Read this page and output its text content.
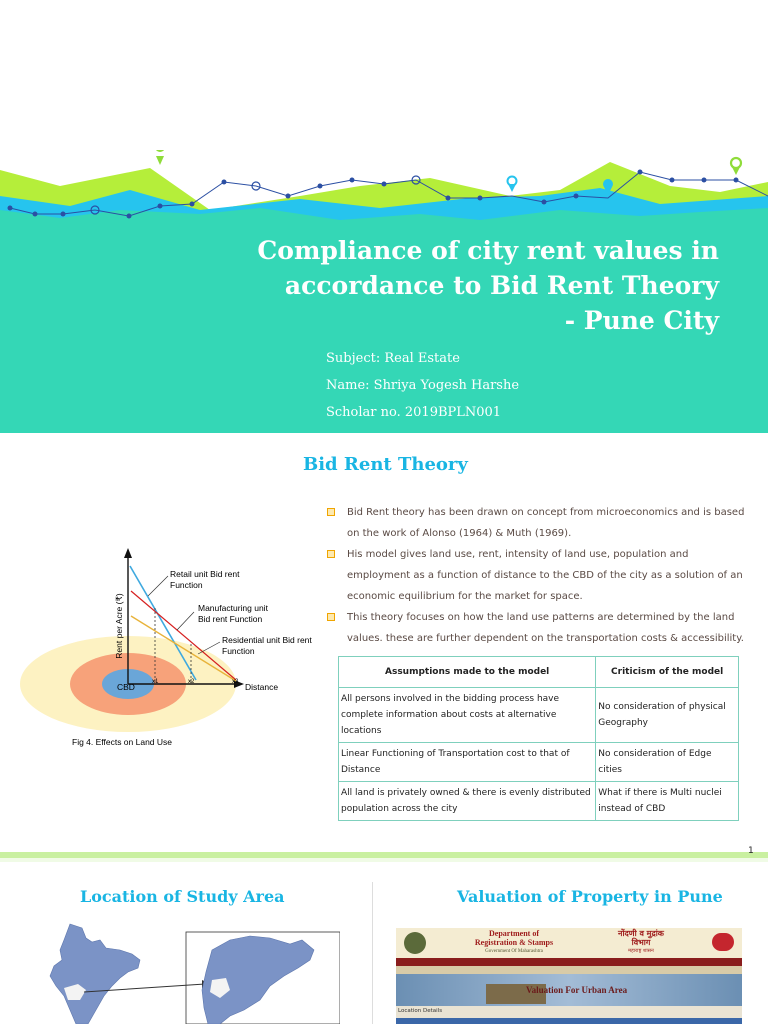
Compliance of city rent values in
accordance to Bid Rent Theory
- Pune City
Subject: Real Estate
Name: Shriya Yogesh Harshe
Scholar no. 2019BPLN001
Bid Rent Theory
Bid Rent theory has been drawn on concept from microeconomics and is based on the work of Alonso (1964) & Muth (1969).
His model gives land use, rent, intensity of land use, population and employment as a function of distance to the CBD of the city as a solution of an economic equilibrium for the market for space.
This theory focuses on how the land use patterns are determined by the land values. these are further dependent on the transportation costs & accessibility.
Rent per Acre (₹)
Distance
CBD	x1	x2	x3
Retail unit Bid rent
Function
Manufacturing unit
Bid rent Function
Residential unit Bid rent
Function
Fig 4. Effects on Land Use
Assumptions made to the model	Criticism of the model
All persons involved in the bidding process have complete information about costs at alternative locations	No consideration of physical Geography
Linear Functioning of Transportation cost to that of Distance	No consideration of Edge cities
All land is privately owned & there is evenly distributed population across the city	What if there is Multi nuclei instead of CBD
1
Location of Study Area	Valuation of Property in Pune
Department of
Registration & Stamps
Government Of Maharashtra
नोंदणी व मुद्रांक
विभाग
महाराष्ट्र शासन
Valuation For Urban Area
Location Details
